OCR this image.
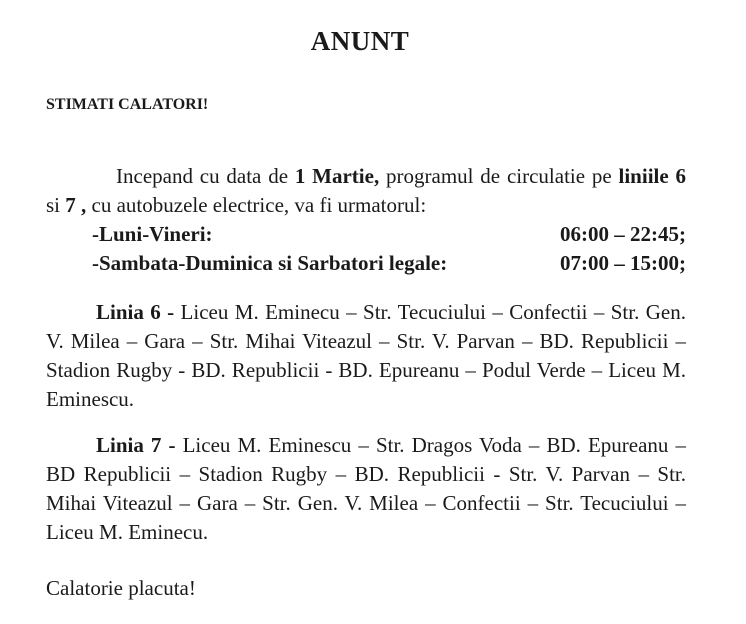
ANUNT
STIMATI CALATORI!
Incepand cu data de 1 Martie, programul de circulatie pe liniile 6 si 7 , cu autobuzele electrice, va fi urmatorul:
-Luni-Vineri:	06:00 – 22:45;
-Sambata-Duminica si Sarbatori legale:	07:00 – 15:00;
Linia 6 - Liceu M. Eminecu – Str. Tecuciului – Confectii – Str. Gen. V. Milea – Gara – Str. Mihai Viteazul – Str. V. Parvan – BD. Republicii – Stadion Rugby - BD. Republicii - BD. Epureanu – Podul Verde – Liceu M. Eminescu.
Linia 7 - Liceu M. Eminescu – Str. Dragos Voda – BD. Epureanu – BD Republicii – Stadion Rugby – BD. Republicii - Str. V. Parvan – Str. Mihai Viteazul – Gara – Str. Gen. V. Milea – Confectii – Str. Tecuciului – Liceu M. Eminecu.
Calatorie placuta!
